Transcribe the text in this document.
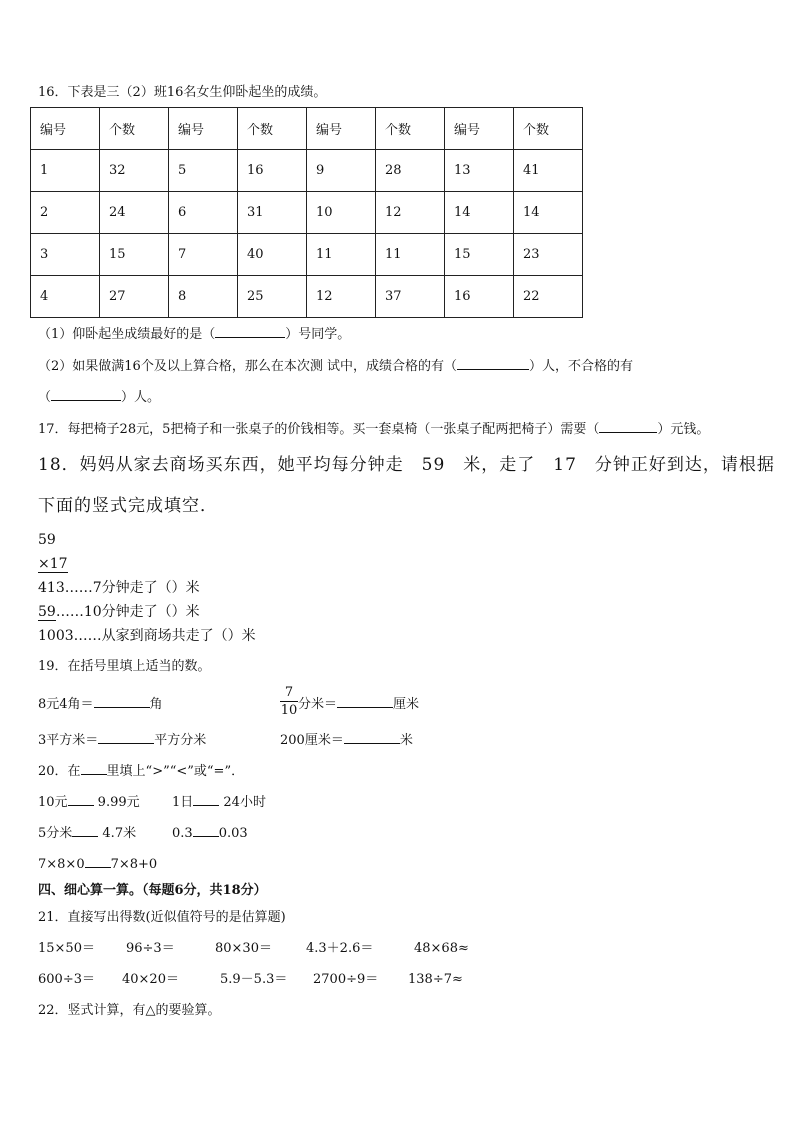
16．下表是三（2）班16名女生仰卧起坐的成绩。
编号	个数	编号	个数	编号	个数	编号	个数
1	32	5	16	9	28	13	41
2	24	6	31	10	12	14	14
3	15	7	40	11	11	15	23
4	27	8	25	12	37	16	22
（1）仰卧起坐成绩最好的是（	）号同学。
（2）如果做满16个及以上算合格，那么在本次测 试中，成绩合格的有（	）人，不合格的有
（	）人。
17．每把椅子28元，5把椅子和一张桌子的价钱相等。买一套桌椅（一张桌子配两把椅子）需要（	）元钱。
18．妈妈从家去商场买东西，她平均每分钟走　59　米，走了　17　分钟正好到达，请根据
下面的竖式完成填空．
59
×17
413……7分钟走了（）米
59……10分钟走了（）米
1003……从家到商场共走了（）米
19．在括号里填上适当的数。
8元4角＝	角	$\frac{7}{10}$ 分米＝	厘米
3平方米＝	平方分米	200厘米＝	米
20．在 里填上“>”“<”或“=”．
10元 9.99元 1日 24小时
5分米 4.7米	0.3 0.03
7×8×0 7×8+0
四、细心算一算。（每题6分，共18分）
21．直接写出得数(近似值符号的是估算题)
15×50＝ 96÷3＝	80×30＝	4.3＋2.6＝	48×68≈
600÷3＝ 40×20＝	5.9－5.3＝ 2700÷9＝ 138÷7≈
22．竖式计算，有△的要验算。
